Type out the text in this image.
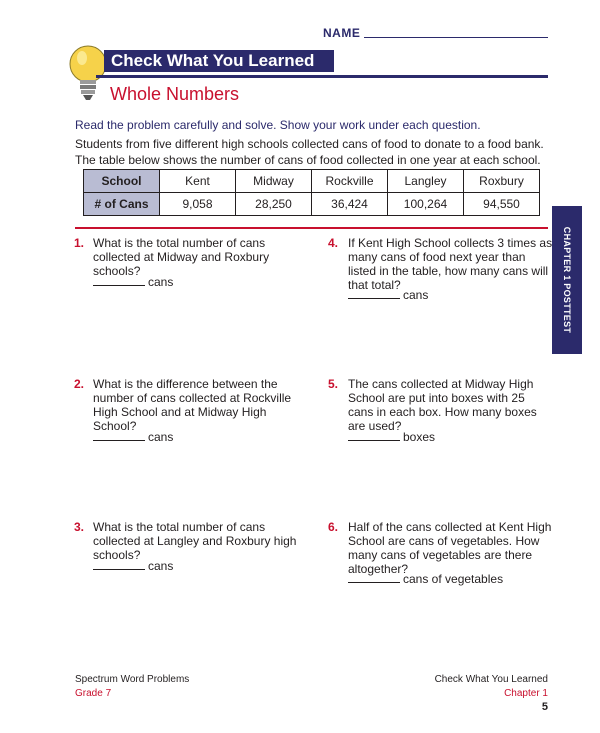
NAME
Check What You Learned
Whole Numbers
Read the problem carefully and solve. Show your work under each question.
Students from five different high schools collected cans of food to donate to a food bank. The table below shows the number of cans of food collected in one year at each school.
School	Kent	Midway	Rockville	Langley	Roxbury
# of Cans	9,058	28,250	36,424	100,264	94,550
CHAPTER 1 POSTTEST
1. What is the total number of cans collected at Midway and Roxbury schools?
cans
2. What is the difference between the number of cans collected at Rockville High School and at Midway High School?
cans
3. What is the total number of cans collected at Langley and Roxbury high schools?
cans
4. If Kent High School collects 3 times as many cans of food next year than listed in the table, how many cans will that total?
cans
5. The cans collected at Midway High School are put into boxes with 25 cans in each box. How many boxes are used?
boxes
6. Half of the cans collected at Kent High School are cans of vegetables. How many cans of vegetables are there altogether?
cans of vegetables
Spectrum Word Problems
Grade 7
Check What You Learned
Chapter 1
5
